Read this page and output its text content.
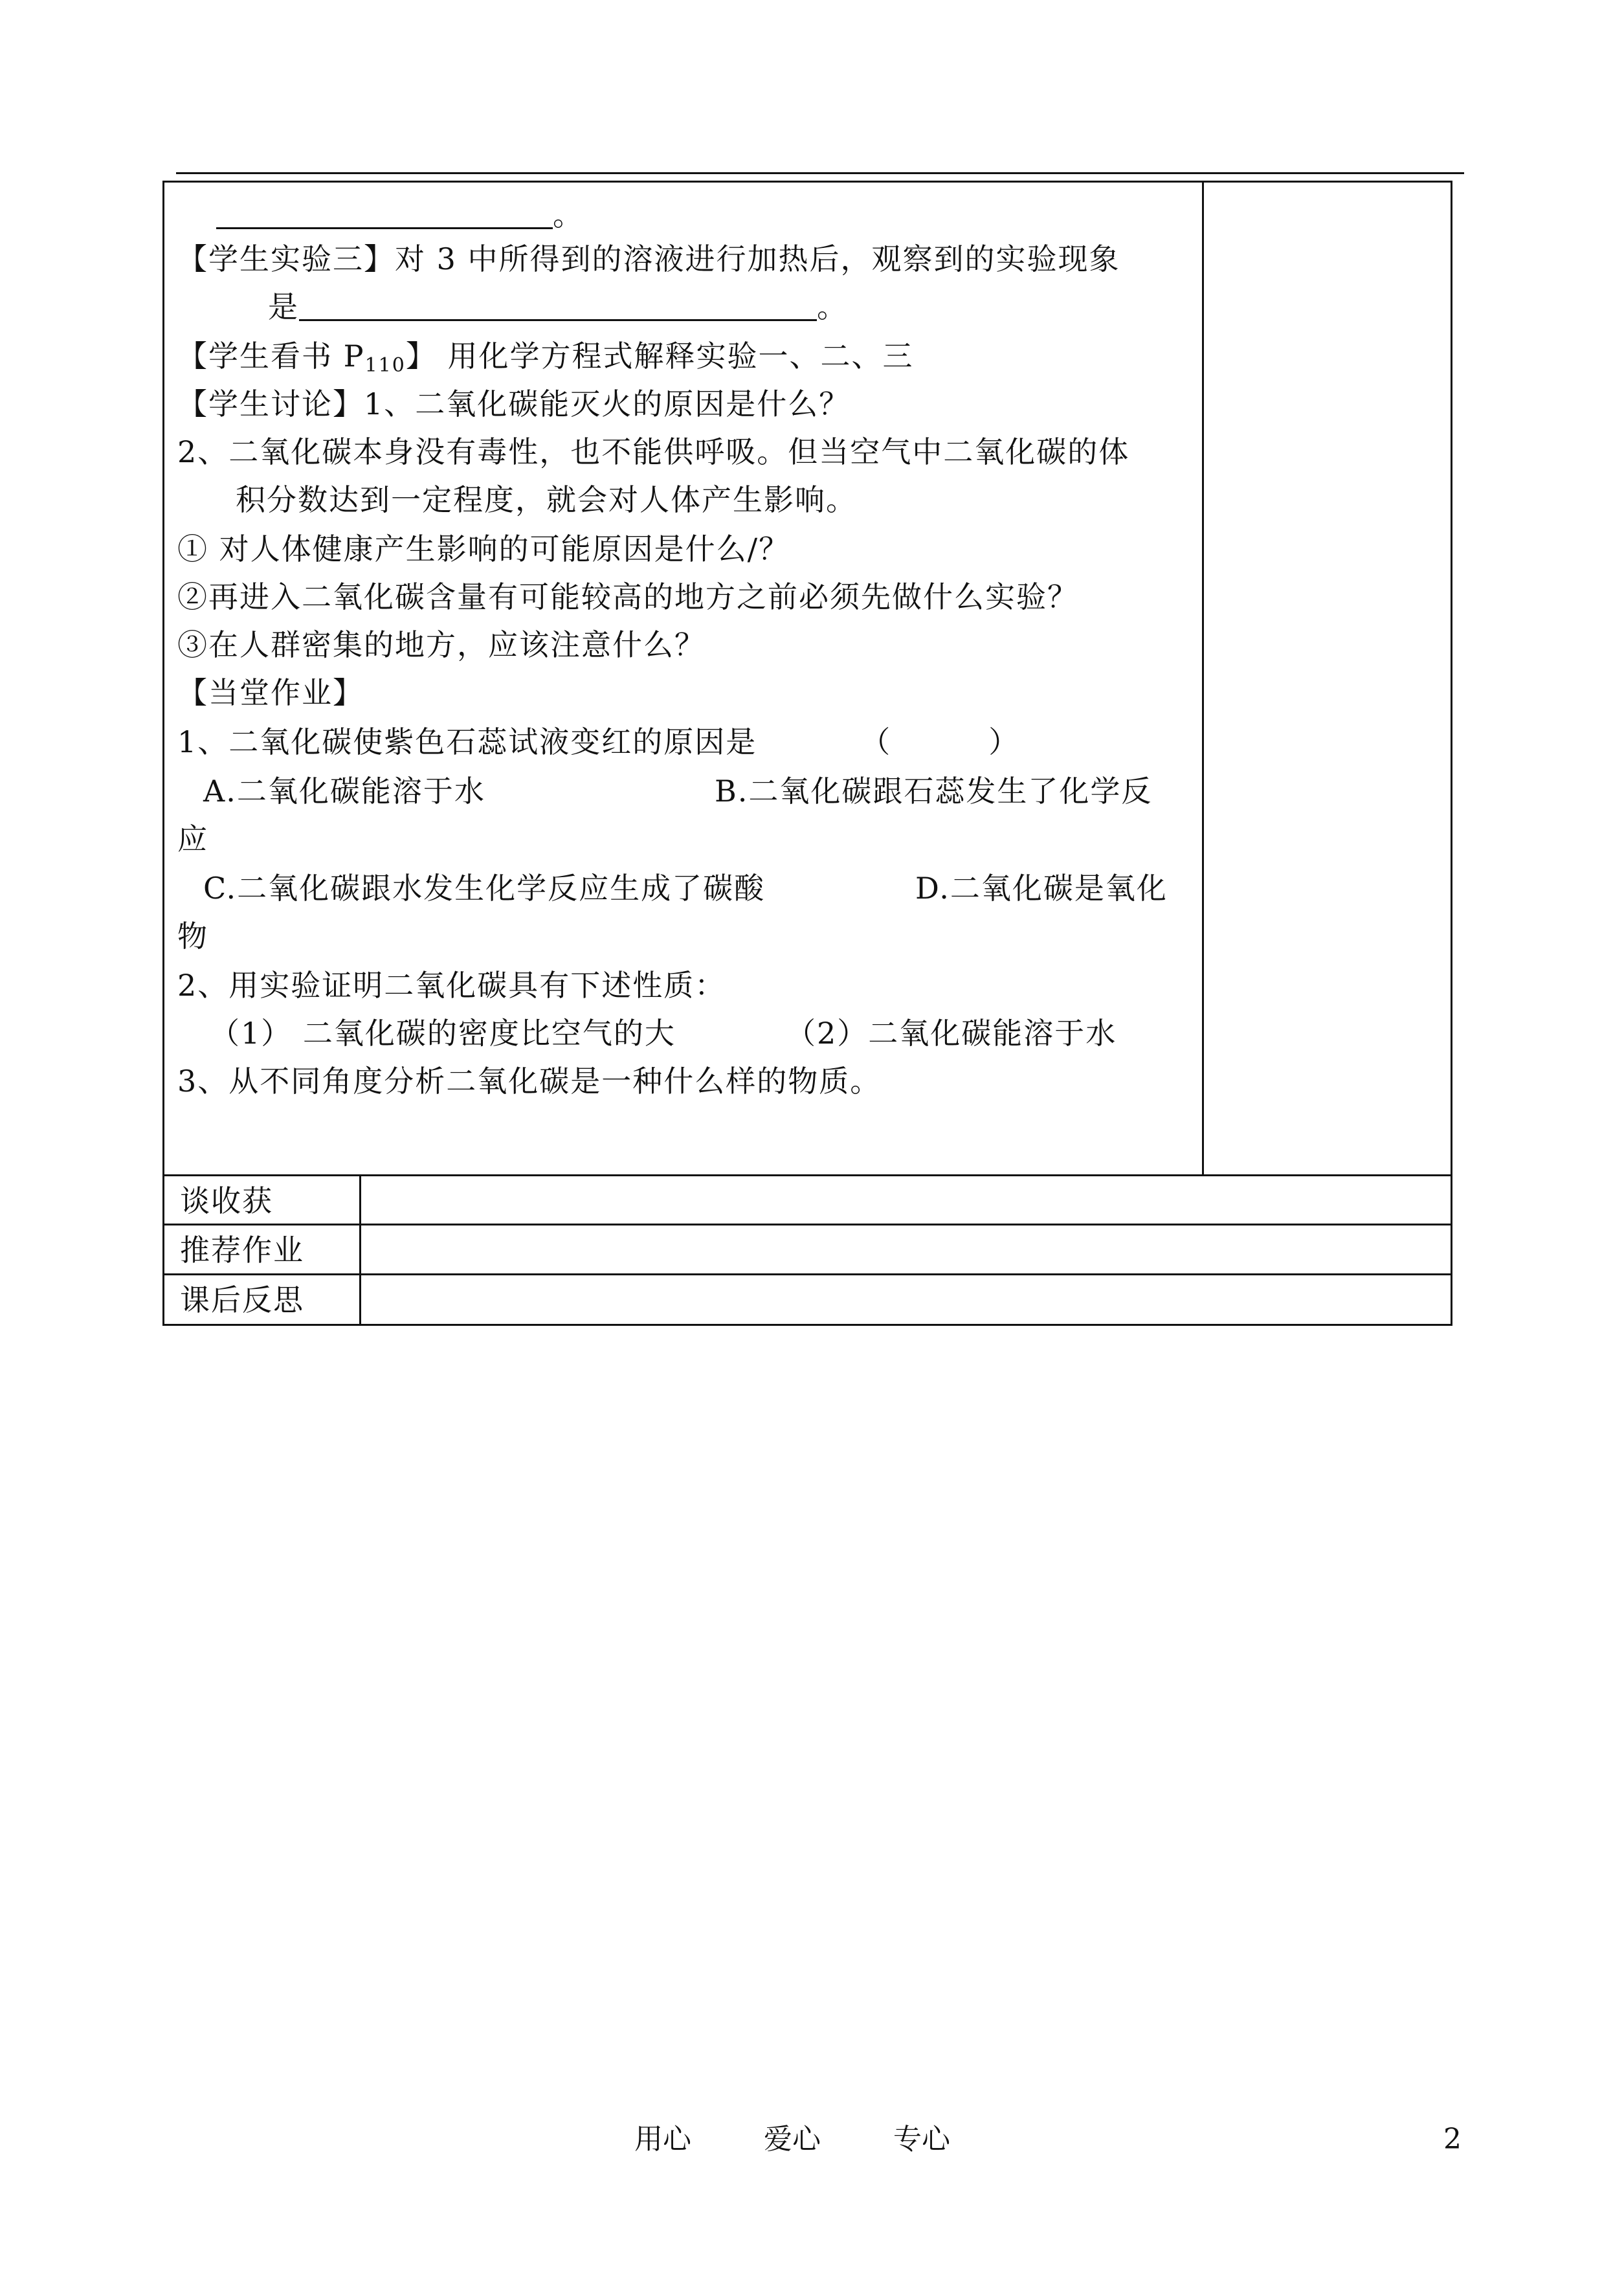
。
【学生实验三】对 3 中所得到的溶液进行加热后，观察到的实验现象
是	。
【学生看书 $P_{110}$】 用化学方程式解释实验一、二、三
【学生讨论】1、二氧化碳能灭火的原因是什么？
2、二氧化碳本身没有毒性，也不能供呼吸。但当空气中二氧化碳的体
积分数达到一定程度，就会对人体产生影响。
① 对人体健康产生影响的可能原因是什么/？
②再进入二氧化碳含量有可能较高的地方之前必须先做什么实验？
③在人群密集的地方，应该注意什么？
【当堂作业】
1、二氧化碳使紫色石蕊试液变红的原因是	（	）
A.二氧化碳能溶于水	B.二氧化碳跟石蕊发生了化学反
应
C.二氧化碳跟水发生化学反应生成了碳酸	D.二氧化碳是氧化
物
2、用实验证明二氧化碳具有下述性质：
（1） 二氧化碳的密度比空气的大	（2）二氧化碳能溶于水
3、从不同角度分析二氧化碳是一种什么样的物质。
谈收获
推荐作业
课后反思
用心	爱心	专心	2
